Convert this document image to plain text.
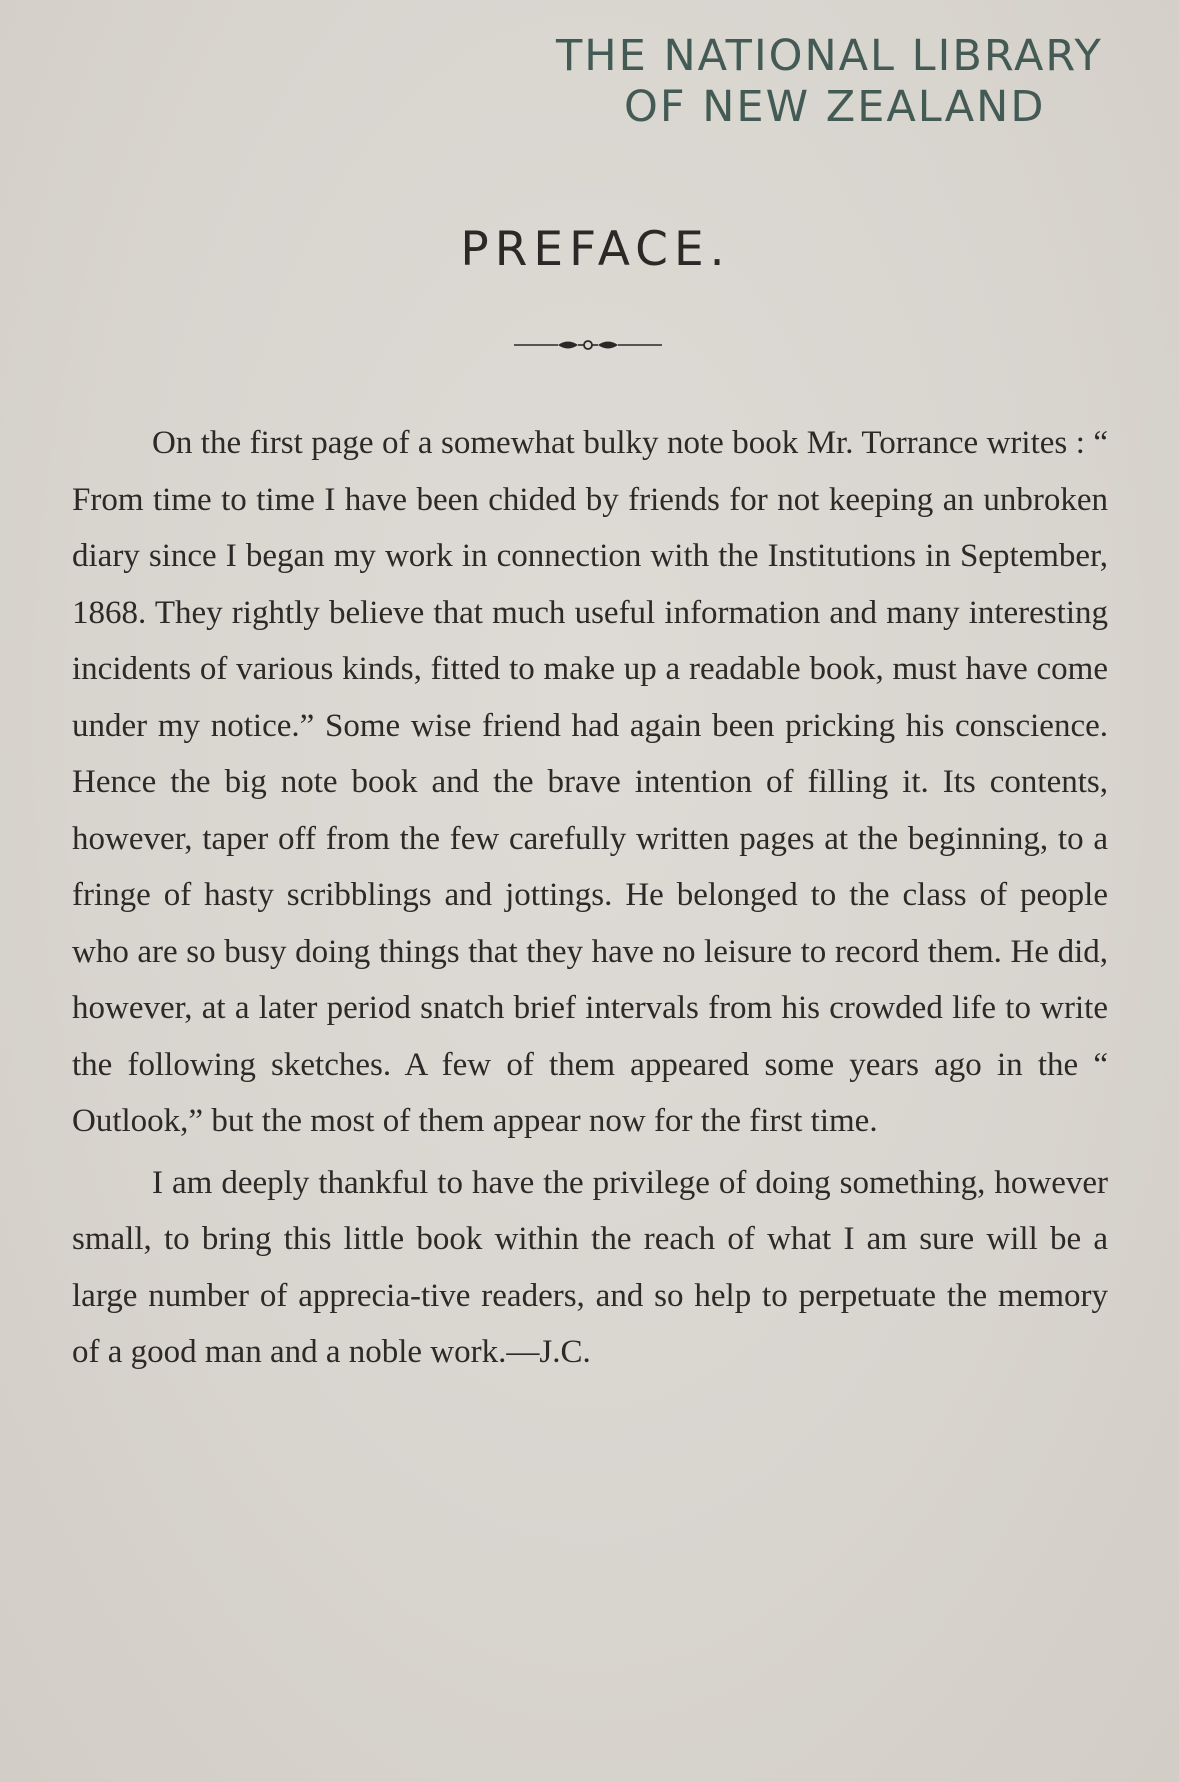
THE NATIONAL LIBRARY
OF NEW ZEALAND
PREFACE.

On the first page of a somewhat bulky note book Mr. Torrance writes : “ From time to time I have been chided by friends for not keeping an unbroken diary since I began my work in connection with the Institutions in September, 1868. They rightly believe that much useful information and many interesting incidents of various kinds, fitted to make up a readable book, must have come under my notice.” Some wise friend had again been pricking his conscience. Hence the big note book and the brave intention of filling it. Its contents, however, taper off from the few carefully written pages at the beginning, to a fringe of hasty scribblings and jottings. He belonged to the class of people who are so busy doing things that they have no leisure to record them. He did, however, at a later period snatch brief intervals from his crowded life to write the following sketches. A few of them appeared some years ago in the “ Outlook,” but the most of them appear now for the first time.

I am deeply thankful to have the privilege of doing something, however small, to bring this little book within the reach of what I am sure will be a large number of apprecia-tive readers, and so help to perpetuate the memory of a good man and a noble work.—J.C.
